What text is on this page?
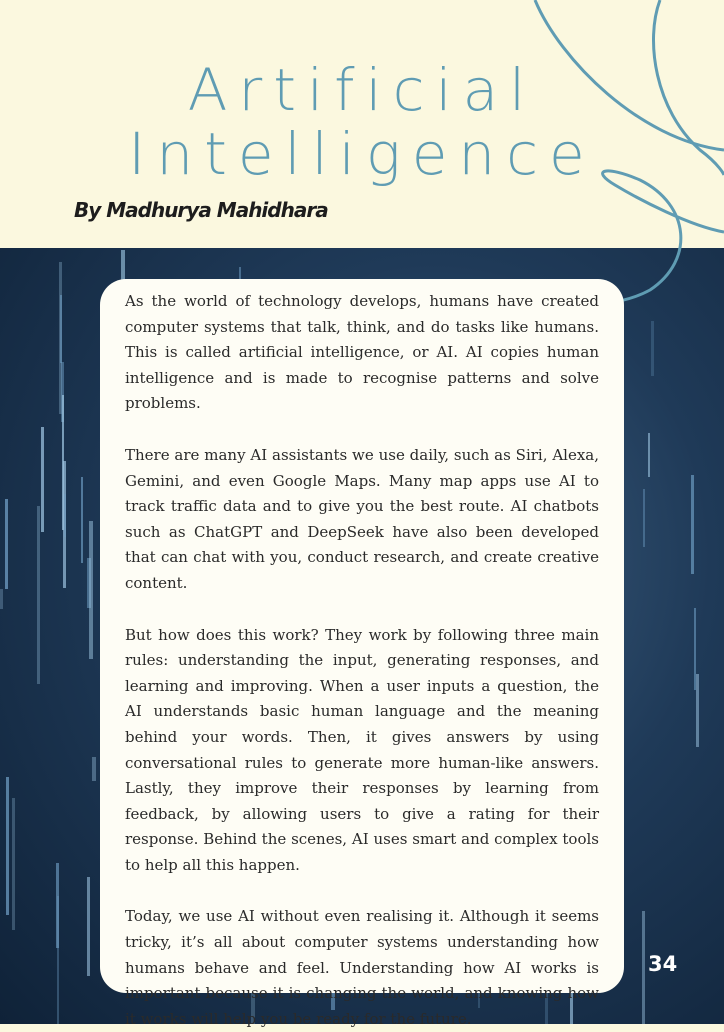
Artificial
Intelligence
By Madhurya Mahidhara

As the world of technology develops, humans have created computer systems that talk, think, and do tasks like humans. This is called artificial intelligence, or AI. AI copies human intelligence and is made to recognise patterns and solve problems.

There are many AI assistants we use daily, such as Siri, Alexa, Gemini, and even Google Maps. Many map apps use AI to track traffic data and to give you the best route. AI chatbots such as ChatGPT and DeepSeek have also been developed that can chat with you, conduct research, and create creative content.

But how does this work? They work by following three main rules: understanding the input, generating responses, and learning and improving. When a user inputs a question, the AI understands basic human language and the meaning behind your words. Then, it gives answers by using conversational rules to generate more human-like answers. Lastly, they improve their responses by learning from feedback, by allowing users to give a rating for their response. Behind the scenes, AI uses smart and complex tools to help all this happen.

Today, we use AI without even realising it. Although it seems tricky, it’s all about computer systems understanding how humans behave and feel. Understanding how AI works is important because it is changing the world, and knowing how it works will help you be ready for the future.

34
